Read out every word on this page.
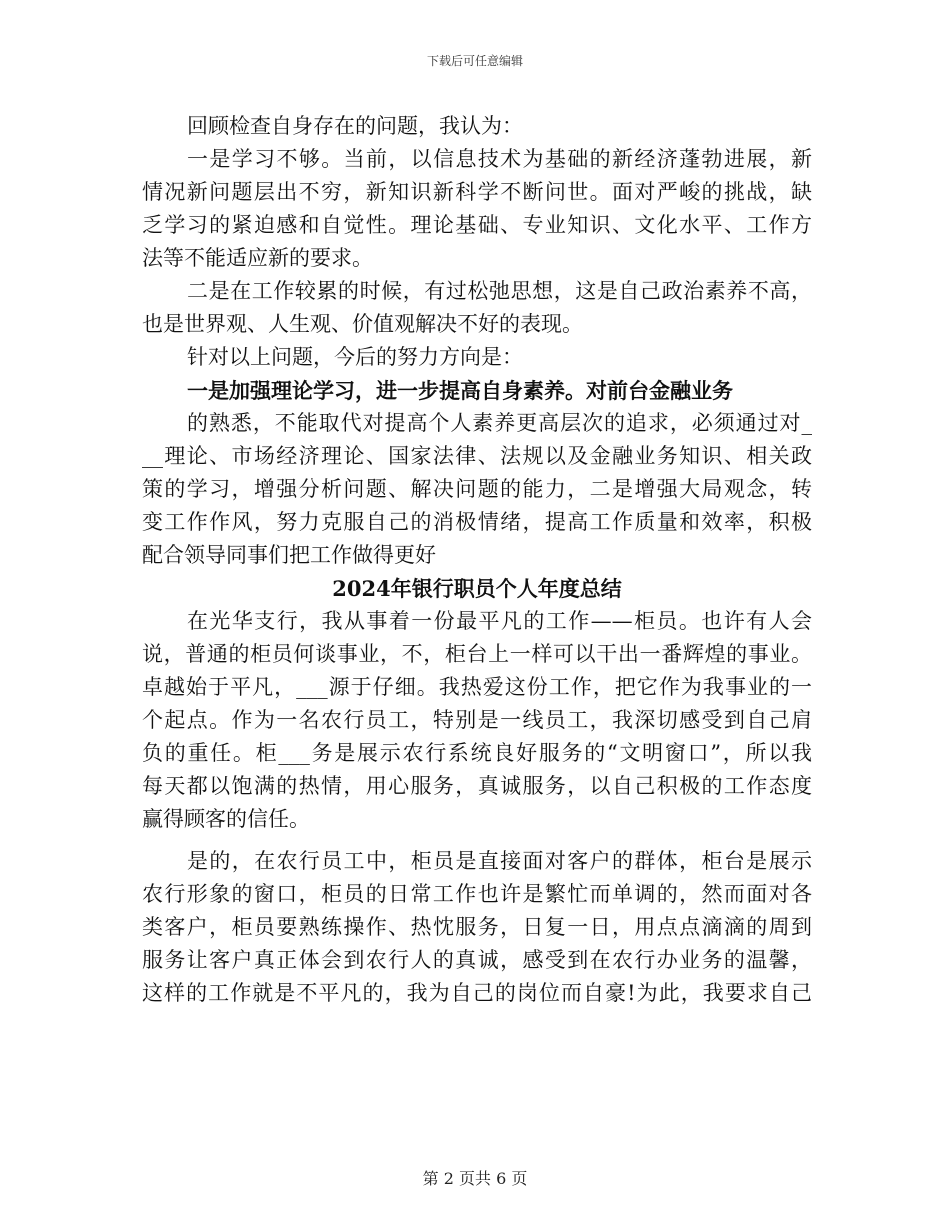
下载后可任意编辑
回顾检查自身存在的问题，我认为：
一是学习不够。当前，以信息技术为基础的新经济蓬勃进展，新
情况新问题层出不穷，新知识新科学不断问世。面对严峻的挑战，缺
乏学习的紧迫感和自觉性。理论基础、专业知识、文化水平、工作方
法等不能适应新的要求。
二是在工作较累的时候，有过松弛思想，这是自己政治素养不高，
也是世界观、人生观、价值观解决不好的表现。
针对以上问题，今后的努力方向是：
一是加强理论学习，进一步提高自身素养。对前台金融业务
的熟悉，不能取代对提高个人素养更高层次的追求，必须通过对_
__理论、市场经济理论、国家法律、法规以及金融业务知识、相关政
策的学习，增强分析问题、解决问题的能力，二是增强大局观念，转
变工作作风，努力克服自己的消极情绪，提高工作质量和效率，积极
配合领导同事们把工作做得更好
2024年银行职员个人年度总结
在光华支行，我从事着一份最平凡的工作——柜员。也许有人会
说，普通的柜员何谈事业，不，柜台上一样可以干出一番辉煌的事业。
卓越始于平凡，___源于仔细。我热爱这份工作，把它作为我事业的一
个起点。作为一名农行员工，特别是一线员工，我深切感受到自己肩
负的重任。柜___务是展示农行系统良好服务的“文明窗口”，所以我
每天都以饱满的热情，用心服务，真诚服务，以自己积极的工作态度
赢得顾客的信任。
是的，在农行员工中，柜员是直接面对客户的群体，柜台是展示
农行形象的窗口，柜员的日常工作也许是繁忙而单调的，然而面对各
类客户，柜员要熟练操作、热忱服务，日复一日，用点点滴滴的周到
服务让客户真正体会到农行人的真诚，感受到在农行办业务的温馨，
这样的工作就是不平凡的，我为自己的岗位而自豪!为此，我要求自己
第 2 页共 6 页
